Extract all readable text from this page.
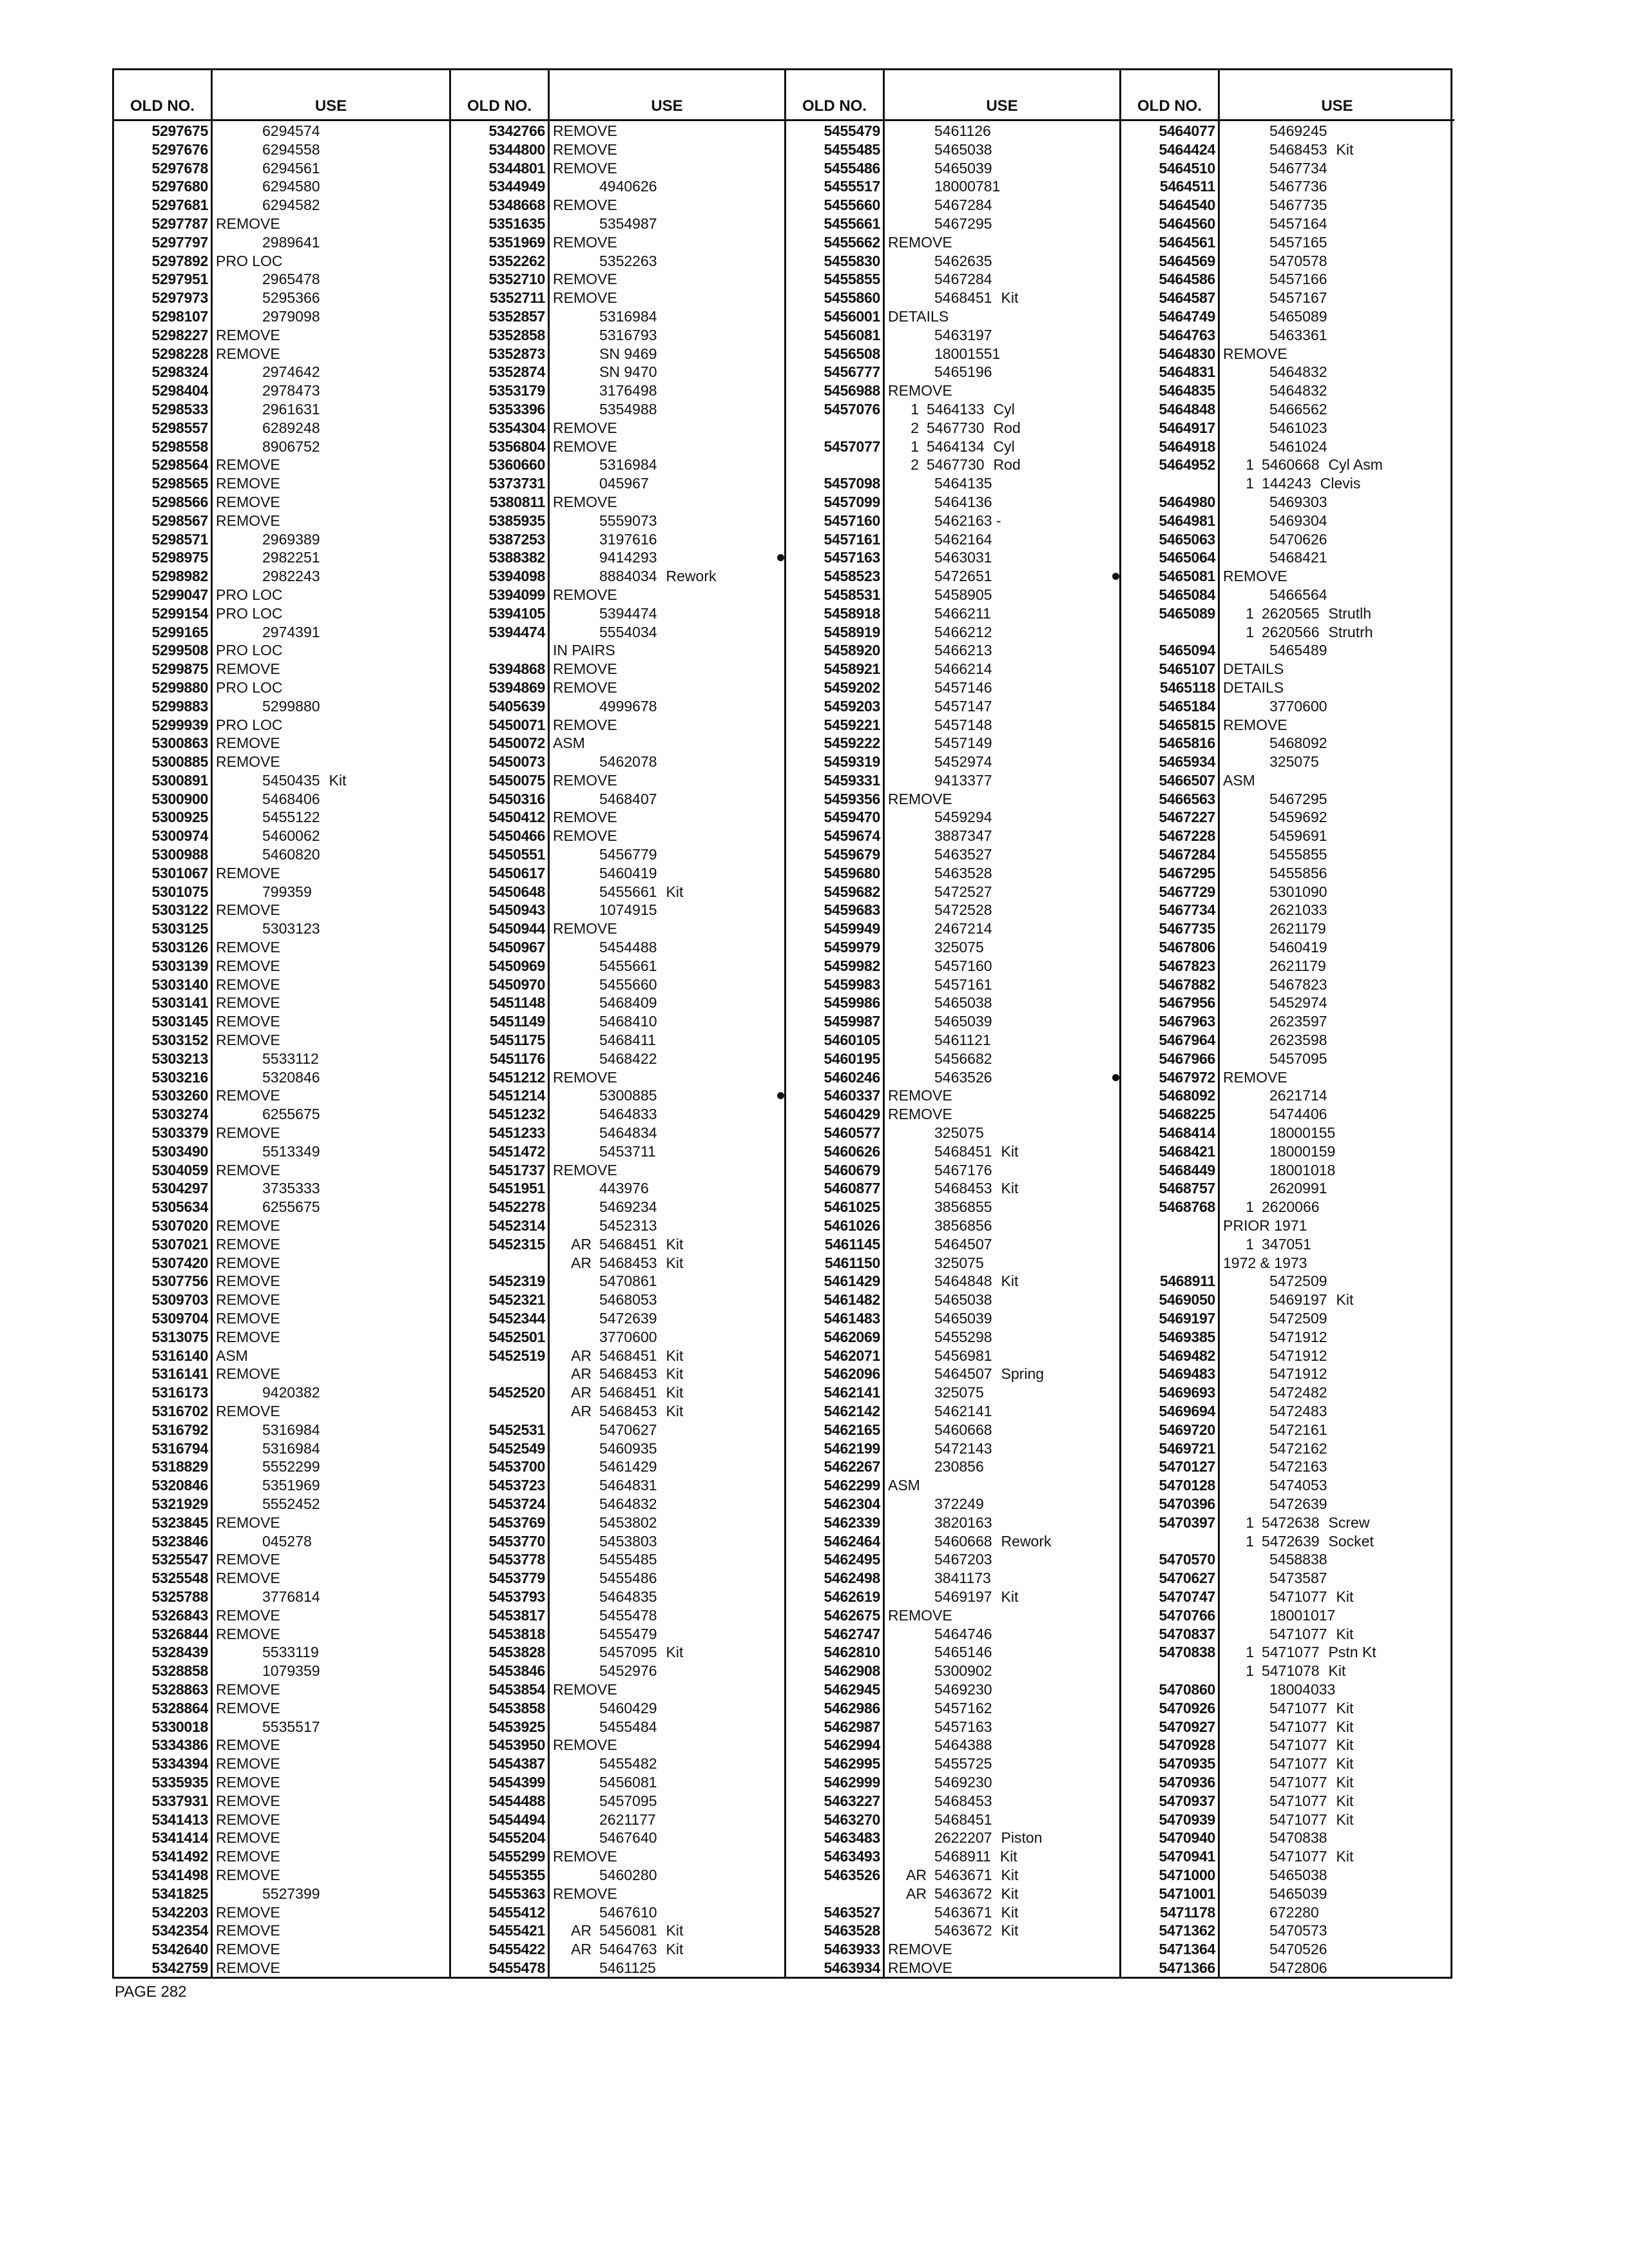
OLD NO.	USE
5297675	6294574
5297676	6294558
5297678	6294561
5297680	6294580
5297681	6294582
5297787 REMOVE
5297797	2989641
5297892 PRO LOC
5297951	2965478
5297973	5295366
5298107	2979098
5298227 REMOVE
5298228 REMOVE
5298324	2974642
5298404	2978473
5298533	2961631
5298557	6289248
5298558	8906752
5298564 REMOVE
5298565 REMOVE
5298566 REMOVE
5298567 REMOVE
5298571	2969389
5298975	2982251
5298982	2982243
5299047 PRO LOC
5299154 PRO LOC
5299165	2974391
5299508 PRO LOC
5299875 REMOVE
5299880 PRO LOC
5299883	5299880
5299939 PRO LOC
5300863 REMOVE
5300885 REMOVE
5300891	5450435 Kit
5300900	5468406
5300925	5455122
5300974	5460062
5300988	5460820
5301067 REMOVE
5301075	799359
5303122 REMOVE
5303125	5303123
5303126 REMOVE
5303139 REMOVE
5303140 REMOVE
5303141 REMOVE
5303145 REMOVE
5303152 REMOVE
5303213	5533112
5303216	5320846
5303260 REMOVE
5303274	6255675
5303379 REMOVE
5303490	5513349
5304059 REMOVE
5304297	3735333
5305634	6255675
5307020 REMOVE
5307021 REMOVE
5307420 REMOVE
5307756 REMOVE
5309703 REMOVE
5309704 REMOVE
5313075 REMOVE
5316140 ASM
5316141 REMOVE
5316173	9420382
5316702 REMOVE
5316792	5316984
5316794	5316984
5318829	5552299
5320846	5351969
5321929	5552452
5323845 REMOVE
5323846	045278
5325547 REMOVE
5325548 REMOVE
5325788	3776814
5326843 REMOVE
5326844 REMOVE
5328439	5533119
5328858	1079359
5328863 REMOVE
5328864 REMOVE
5330018	5535517
5334386 REMOVE
5334394 REMOVE
5335935 REMOVE
5337931 REMOVE
5341413 REMOVE
5341414 REMOVE
5341492 REMOVE
5341498 REMOVE
5341825	5527399
5342203 REMOVE
5342354 REMOVE
5342640 REMOVE
5342759 REMOVE
OLD NO.	USE
5342766 REMOVE
5344800 REMOVE
5344801 REMOVE
5344949	4940626
5348668 REMOVE
5351635	5354987
5351969 REMOVE
5352262	5352263
5352710 REMOVE
5352711 REMOVE
5352857	5316984
5352858	5316793
5352873	SN 9469
5352874	SN 9470
5353179	3176498
5353396	5354988
5354304 REMOVE
5356804 REMOVE
5360660	5316984
5373731	045967
5380811 REMOVE
5385935	5559073
5387253	3197616
5388382	9414293
5394098	8884034 Rework
5394099 REMOVE
5394105	5394474
5394474	5554034
IN PAIRS
5394868 REMOVE
5394869 REMOVE
5405639	4999678
5450071 REMOVE
5450072 ASM
5450073	5462078
5450075 REMOVE
5450316	5468407
5450412 REMOVE
5450466 REMOVE
5450551	5456779
5450617	5460419
5450648	5455661 Kit
5450943	1074915
5450944 REMOVE
5450967	5454488
5450969	5455661
5450970	5455660
5451148	5468409
5451149	5468410
5451175	5468411
5451176	5468422
5451212 REMOVE
5451214	5300885
5451232	5464833
5451233	5464834
5451472	5453711
5451737 REMOVE
5451951	443976
5452278	5469234
5452314	5452313
5452315	AR 5468451 Kit
AR 5468453 Kit
5452319	5470861
5452321	5468053
5452344	5472639
5452501	3770600
5452519	AR 5468451 Kit
AR 5468453 Kit
5452520	AR 5468451 Kit
AR 5468453 Kit
5452531	5470627
5452549	5460935
5453700	5461429
5453723	5464831
5453724	5464832
5453769	5453802
5453770	5453803
5453778	5455485
5453779	5455486
5453793	5464835
5453817	5455478
5453818	5455479
5453828	5457095 Kit
5453846	5452976
5453854 REMOVE
5453858	5460429
5453925	5455484
5453950 REMOVE
5454387	5455482
5454399	5456081
5454488	5457095
5454494	2621177
5455204	5467640
5455299 REMOVE
5455355	5460280
5455363 REMOVE
5455412	5467610
5455421	AR 5456081 Kit
5455422	AR 5464763 Kit
5455478	5461125
OLD NO.	USE
5455479	5461126
5455485	5465038
5455486	5465039
5455517	18000781
5455660	5467284
5455661	5467295
5455662 REMOVE
5455830	5462635
5455855	5467284
5455860	5468451 Kit
5456001 DETAILS
5456081	5463197
5456508	18001551
5456777	5465196
5456988 REMOVE
5457076 1 5464133 Cyl
2 5467730 Rod
5457077 1 5464134 Cyl
2 5467730 Rod
5457098	5464135
5457099	5464136
5457160	5462163 -
5457161	5462164
5457163	5463031
5458523	5472651
5458531	5458905
5458918	5466211
5458919	5466212
5458920	5466213
5458921	5466214
5459202	5457146
5459203	5457147
5459221	5457148
5459222	5457149
5459319	5452974
5459331	9413377
5459356 REMOVE
5459470	5459294
5459674	3887347
5459679	5463527
5459680	5463528
5459682	5472527
5459683	5472528
5459949	2467214
5459979	325075
5459982	5457160
5459983	5457161
5459986	5465038
5459987	5465039
5460105	5461121
5460195	5456682
5460246	5463526
5460337 REMOVE
5460429 REMOVE
5460577	325075
5460626	5468451 Kit
5460679	5467176
5460877	5468453 Kit
5461025	3856855
5461026	3856856
5461145	5464507
5461150	325075
5461429	5464848 Kit
5461482	5465038
5461483	5465039
5462069	5455298
5462071	5456981
5462096	5464507 Spring
5462141	325075
5462142	5462141
5462165	5460668
5462199	5472143
5462267	230856
5462299 ASM
5462304	372249
5462339	3820163
5462464	5460668 Rework
5462495	5467203
5462498	3841173
5462619	5469197 Kit
5462675 REMOVE
5462747	5464746
5462810	5465146
5462908	5300902
5462945	5469230
5462986	5457162
5462987	5457163
5462994	5464388
5462995	5455725
5462999	5469230
5463227	5468453
5463270	5468451
5463483	2622207 Piston
5463493	5468911 Kit
5463526	AR 5463671 Kit
AR 5463672 Kit
5463527	5463671 Kit
5463528	5463672 Kit
5463933 REMOVE
5463934 REMOVE
OLD NO.	USE
5464077	5469245
5464424	5468453 Kit
5464510	5467734
5464511	5467736
5464540	5467735
5464560	5457164
5464561	5457165
5464569	5470578
5464586	5457166
5464587	5457167
5464749	5465089
5464763	5463361
5464830 REMOVE
5464831	5464832
5464835	5464832
5464848	5466562
5464917	5461023
5464918	5461024
5464952 1 5460668 Cyl Asm
1 144243 Clevis
5464980	5469303
5464981	5469304
5465063	5470626
5465064	5468421
5465081 REMOVE
5465084	5466564
5465089 1 2620565 Strutlh
1 2620566 Strutrh
5465094	5465489
5465107 DETAILS
5465118 DETAILS
5465184	3770600
5465815 REMOVE
5465816	5468092
5465934	325075
5466507 ASM
5466563	5467295
5467227	5459692
5467228	5459691
5467284	5455855
5467295	5455856
5467729	5301090
5467734	2621033
5467735	2621179
5467806	5460419
5467823	2621179
5467882	5467823
5467956	5452974
5467963	2623597
5467964	2623598
5467966	5457095
5467972 REMOVE
5468092	2621714
5468225	5474406
5468414	18000155
5468421	18000159
5468449	18001018
5468757	2620991
5468768 1 2620066
PRIOR 1971
1 347051
1972 & 1973
5468911	5472509
5469050	5469197 Kit
5469197	5472509
5469385	5471912
5469482	5471912
5469483	5471912
5469693	5472482
5469694	5472483
5469720	5472161
5469721	5472162
5470127	5472163
5470128	5474053
5470396	5472639
5470397 1 5472638 Screw
1 5472639 Socket
5470570	5458838
5470627	5473587
5470747	5471077 Kit
5470766	18001017
5470837	5471077 Kit
5470838 1 5471077 Pstn Kt
1 5471078 Kit
5470860	18004033
5470926	5471077 Kit
5470927	5471077 Kit
5470928	5471077 Kit
5470935	5471077 Kit
5470936	5471077 Kit
5470937	5471077 Kit
5470939	5471077 Kit
5470940	5470838
5470941	5471077 Kit
5471000	5465038
5471001	5465039
5471178	672280
5471362	5470573
5471364	5470526
5471366	5472806
PAGE 282
